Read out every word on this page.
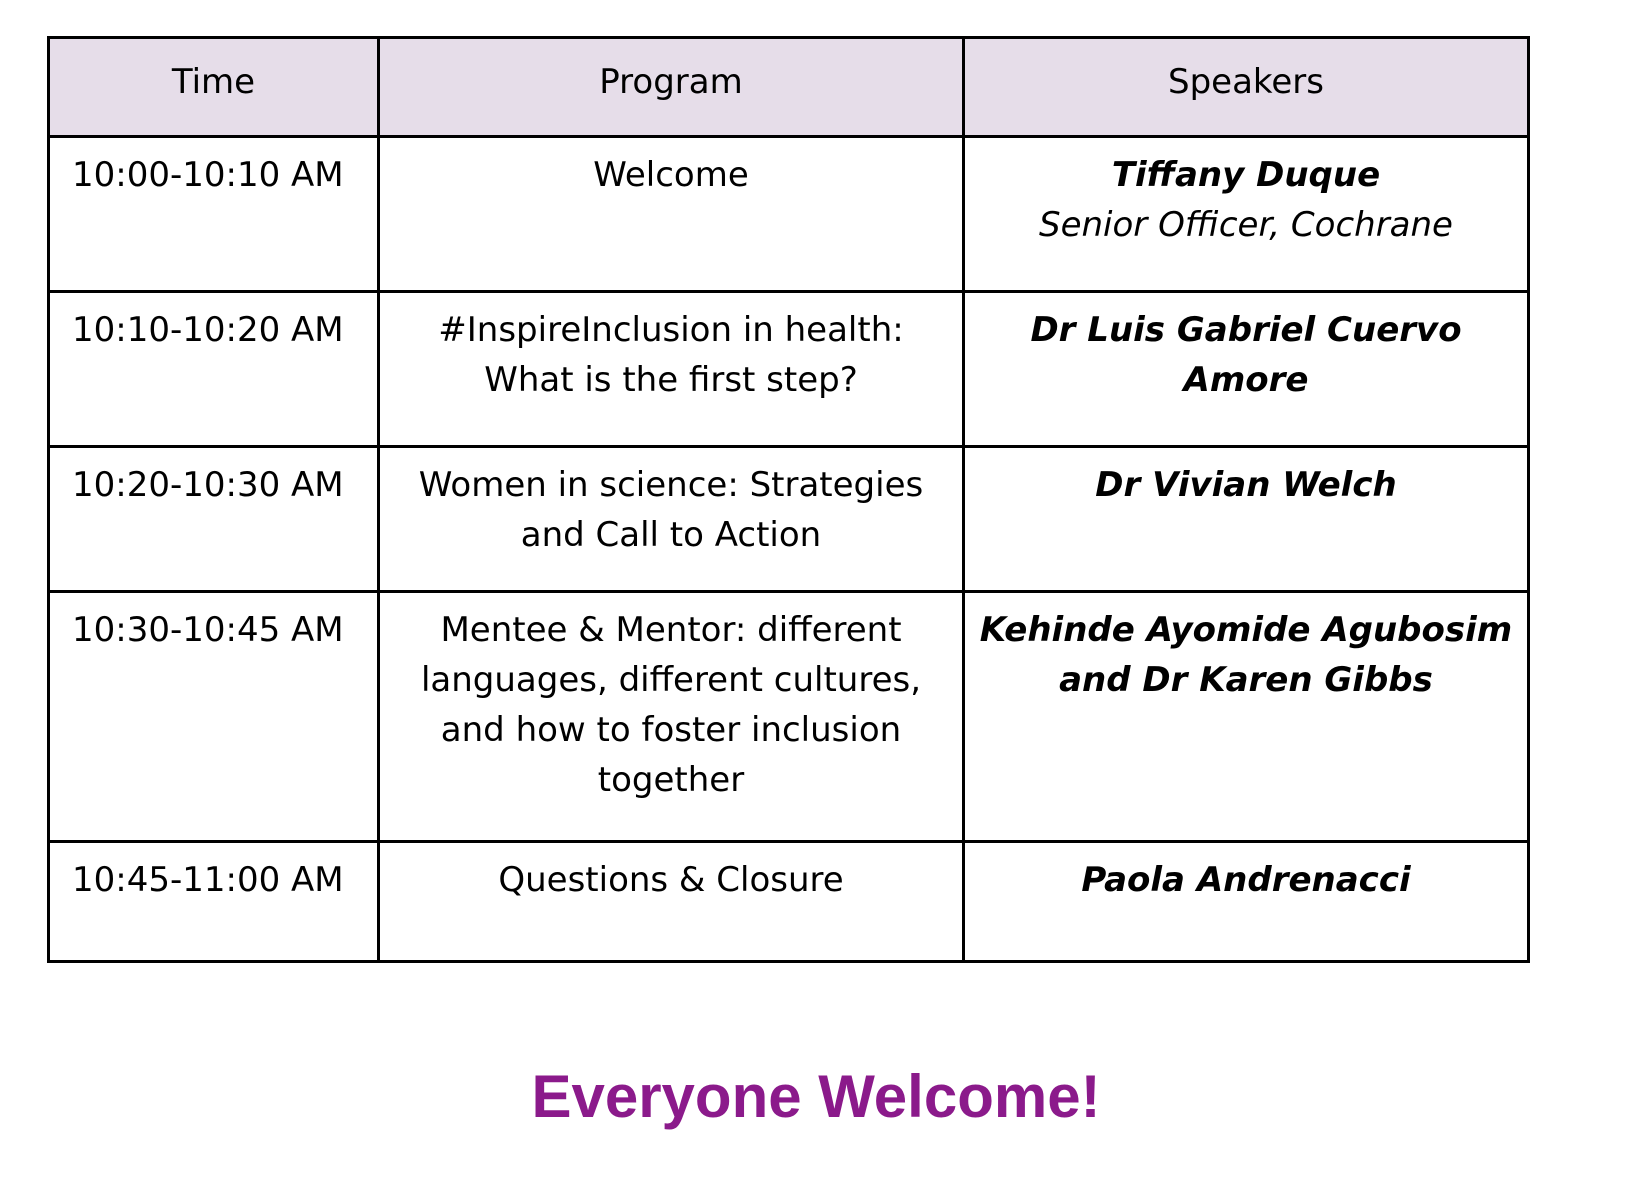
Time	Program	Speakers
10:00-10:10 AM	Welcome	Tiffany Duque
Senior Officer, Cochrane

10:10-10:20 AM	#InspireInclusion in health:
What is the first step?	Dr Luis Gabriel Cuervo Amore

10:20-10:30 AM	Women in science: Strategies
and Call to Action	Dr Vivian Welch

10:30-10:45 AM	Mentee & Mentor: different
languages, different cultures,
and how to foster inclusion
together	Kehinde Ayomide Agubosim
and Dr Karen Gibbs

10:45-11:00 AM	Questions & Closure	Paola Andrenacci
Everyone Welcome!
